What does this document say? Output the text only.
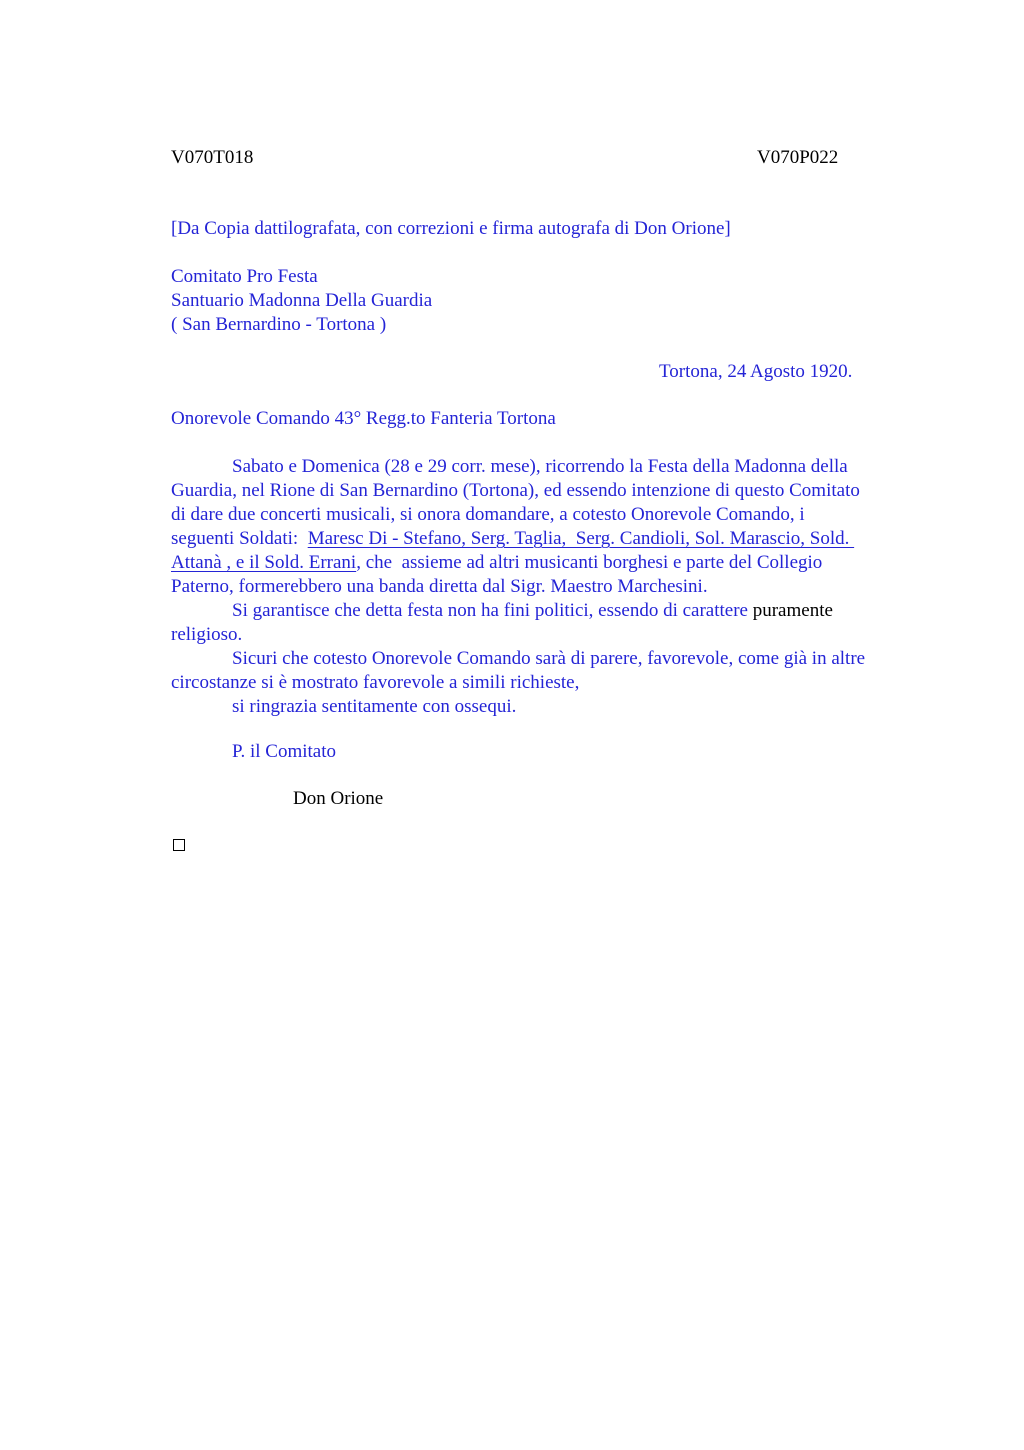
V070T018	V070P022
[Da Copia dattilografata, con correzioni e firma autografa di Don Orione]
Comitato Pro Festa
Santuario Madonna Della Guardia
( San Bernardino - Tortona )
Tortona, 24 Agosto 1920.
Onorevole Comando 43° Regg.to Fanteria Tortona
Sabato e Domenica (28 e 29 corr. mese), ricorrendo la Festa della Madonna della
Guardia, nel Rione di San Bernardino (Tortona), ed essendo intenzione di questo Comitato
di dare due concerti musicali, si onora domandare, a cotesto Onorevole Comando, i
seguenti Soldati:  Maresc Di - Stefano, Serg. Taglia,  Serg. Candioli, Sol. Marascio, Sold.
Attanà , e il Sold. Errani, che  assieme ad altri musicanti borghesi e parte del Collegio
Paterno, formerebbero una banda diretta dal Sigr. Maestro Marchesini.
Si garantisce che detta festa non ha fini politici, essendo di carattere puramente
religioso.
Sicuri che cotesto Onorevole Comando sarà di parere, favorevole, come già in altre
circostanze si è mostrato favorevole a simili richieste,
si ringrazia sentitamente con ossequi.
P. il Comitato
Don Orione
